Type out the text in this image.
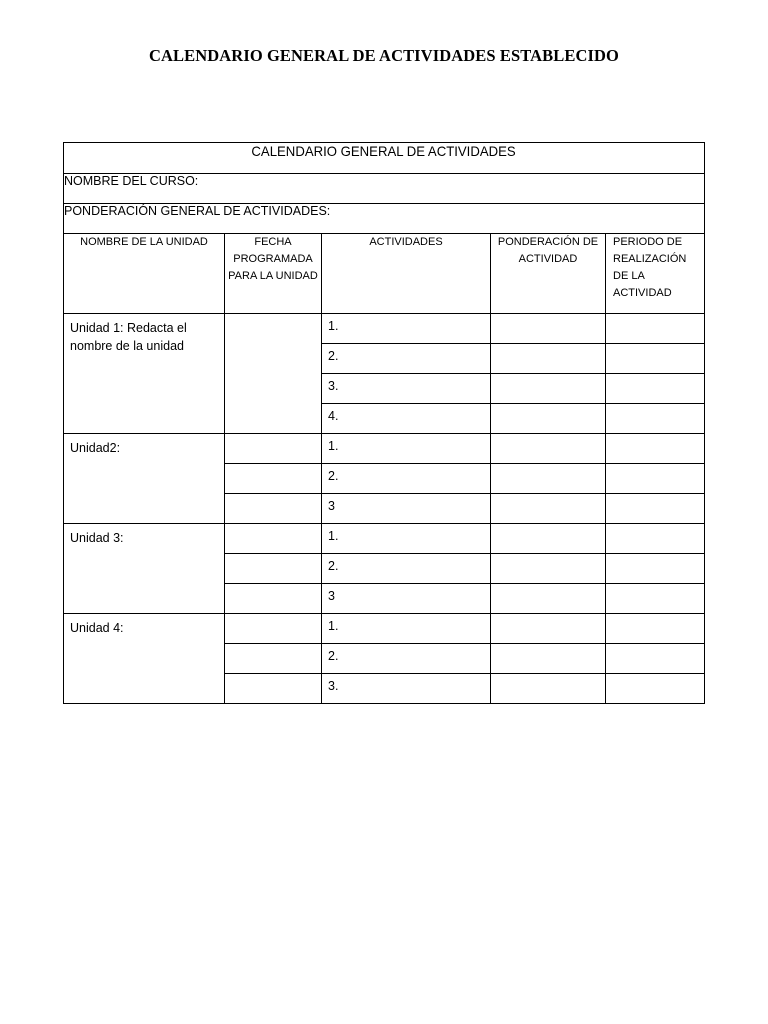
CALENDARIO GENERAL DE ACTIVIDADES ESTABLECIDO
CALENDARIO GENERAL DE ACTIVIDADES				
NOMBRE DEL CURSO:				
PONDERACIÓN GENERAL DE ACTIVIDADES:				
NOMBRE DE LA UNIDAD	FECHA PROGRAMADA PARA LA UNIDAD	ACTIVIDADES	PONDERACIÓN DE ACTIVIDAD	PERIODO DE REALIZACIÓN DE LA ACTIVIDAD
Unidad 1: Redacta el nombre de la unidad		1.		
		2.		
		3.		
		4.		
Unidad2:		1.		
		2.		
		3		
Unidad 3:		1.		
		2.		
		3		
Unidad 4:		1.		
		2.		
		3.		
